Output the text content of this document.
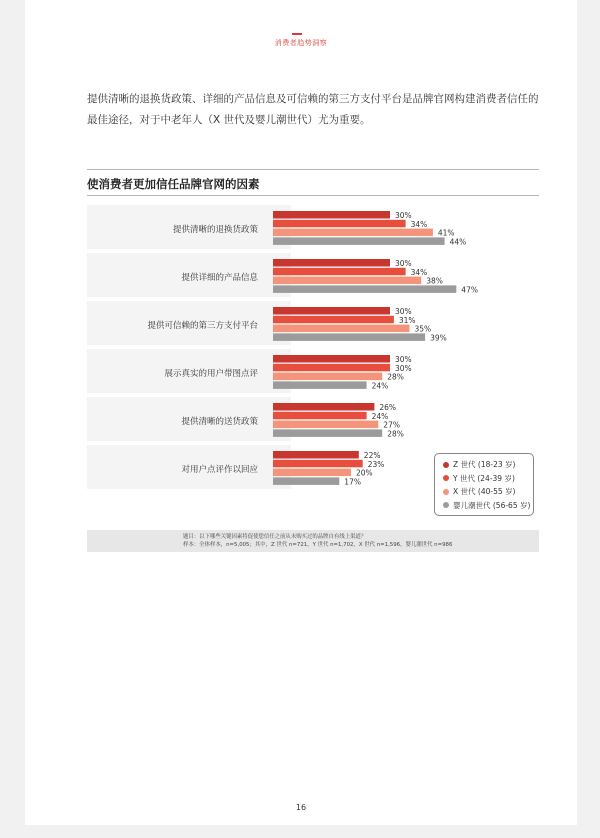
消费者趋势洞察
提供清晰的退换货政策、详细的产品信息及可信赖的第三方支付平台是品牌官网构建消费者信任的最佳途径，对于中老年人（X 世代及婴儿潮世代）尤为重要。
使消费者更加信任品牌官网的因素
提供清晰的退换货政策
提供详细的产品信息
提供可信赖的第三方支付平台
展示真实的用户带图点评
提供清晰的送货政策
对用户点评作以回应
30%
34%
41%
44%
30%
34%
38%
47%
30%
31%
35%
39%
30%
30%
28%
24%
26%
24%
27%
28%
22%
23%
20%
17%
Z 世代 (18-23 岁)
Y 世代 (24-39 岁)
X 世代 (40-55 岁)
婴儿潮世代 (56-65 岁)
题目：以下哪些关键因素将促使您信任之前从未购买过的品牌自有线上渠道？
样本：全体样本，n=5,005；其中，Z 世代 n=721，Y 世代 n=1,702，X 世代 n=1,596，婴儿潮世代 n=986
16
